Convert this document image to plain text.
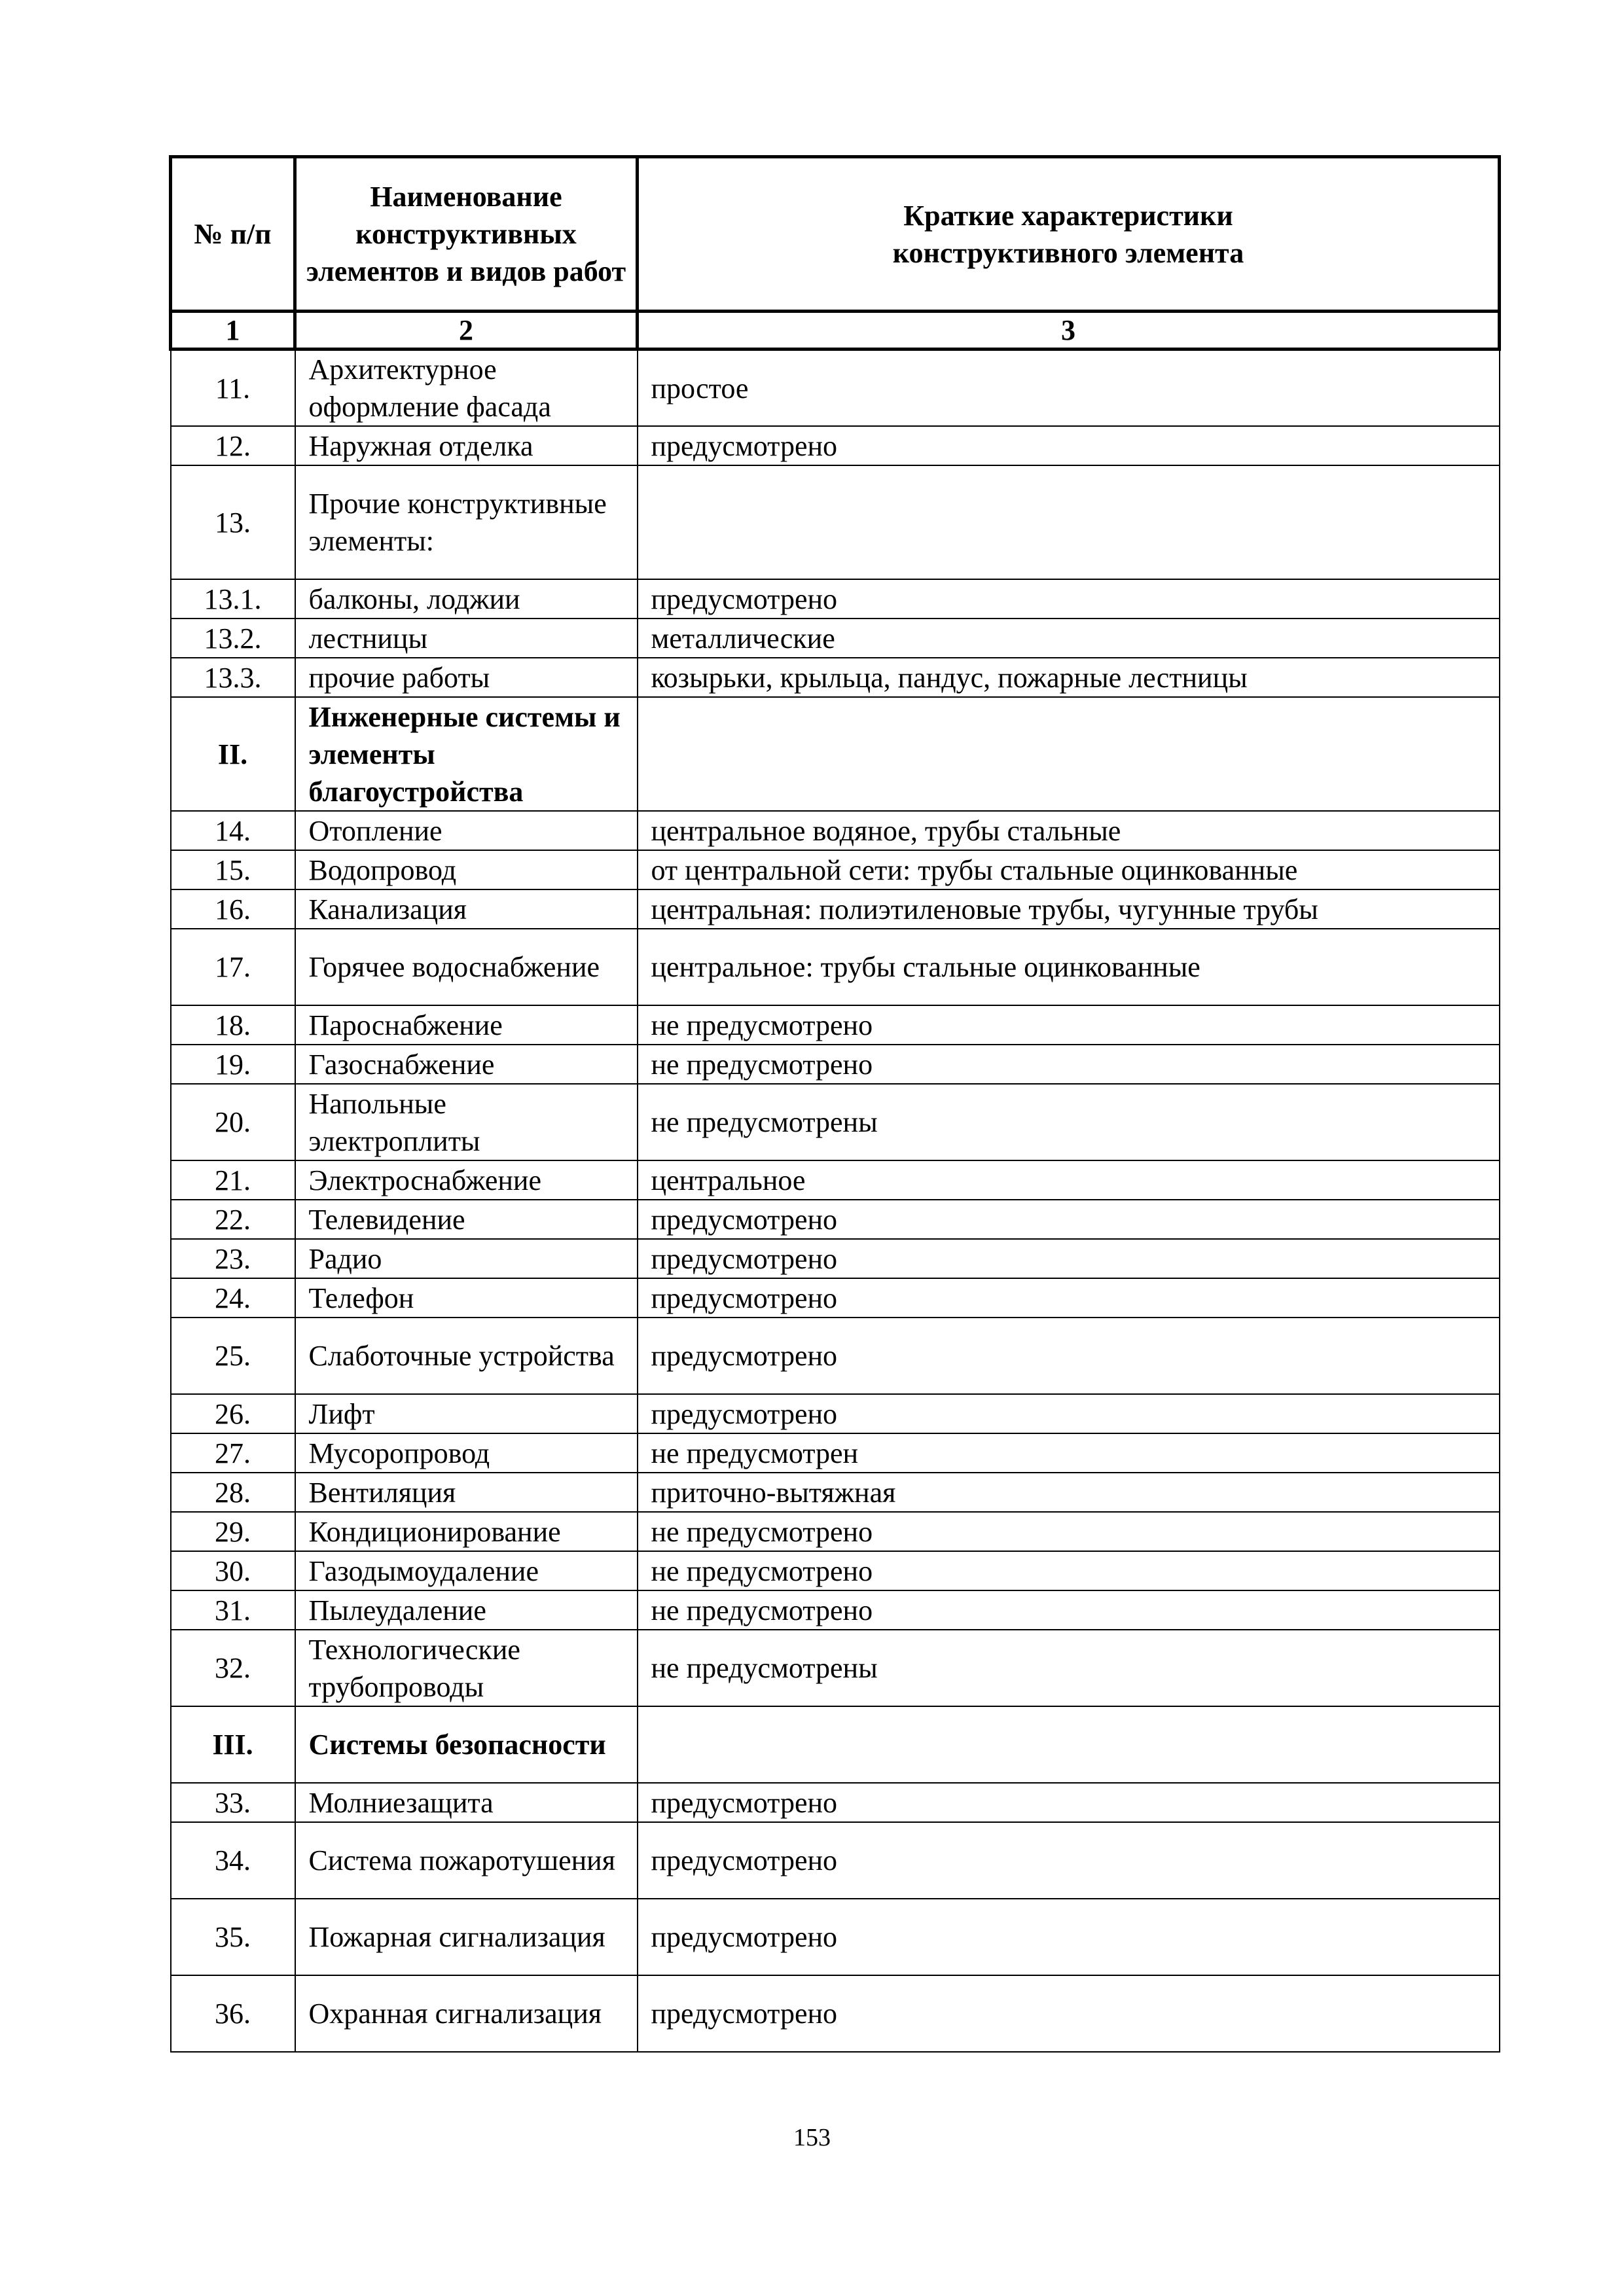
№ п/п	Наименование конструктивных элементов и видов работ	Краткие характеристики конструктивного элемента
1	2	3
11.	Архитектурное оформление фасада	простое
12.	Наружная отделка	предусмотрено
13.	Прочие конструктивные элементы:	
13.1.	балконы, лоджии	предусмотрено
13.2.	лестницы	металлические
13.3.	прочие работы	козырьки, крыльца, пандус, пожарные лестницы
II.	Инженерные системы и элементы благоустройства	
14.	Отопление	центральное водяное, трубы стальные
15.	Водопровод	от центральной сети: трубы стальные оцинкованные
16.	Канализация	центральная: полиэтиленовые трубы, чугунные трубы
17.	Горячее водоснабжение	центральное: трубы стальные оцинкованные
18.	Пароснабжение	не предусмотрено
19.	Газоснабжение	не предусмотрено
20.	Напольные электроплиты	не предусмотрены
21.	Электроснабжение	центральное
22.	Телевидение	предусмотрено
23.	Радио	предусмотрено
24.	Телефон	предусмотрено
25.	Слаботочные устройства	предусмотрено
26.	Лифт	предусмотрено
27.	Мусоропровод	не предусмотрен
28.	Вентиляция	приточно-вытяжная
29.	Кондиционирование	не предусмотрено
30.	Газодымоудаление	не предусмотрено
31.	Пылеудаление	не предусмотрено
32.	Технологические трубопроводы	не предусмотрены
III.	Системы безопасности	
33.	Молниезащита	предусмотрено
34.	Система пожаротушения	предусмотрено
35.	Пожарная сигнализация	предусмотрено
36.	Охранная сигнализация	предусмотрено
153
